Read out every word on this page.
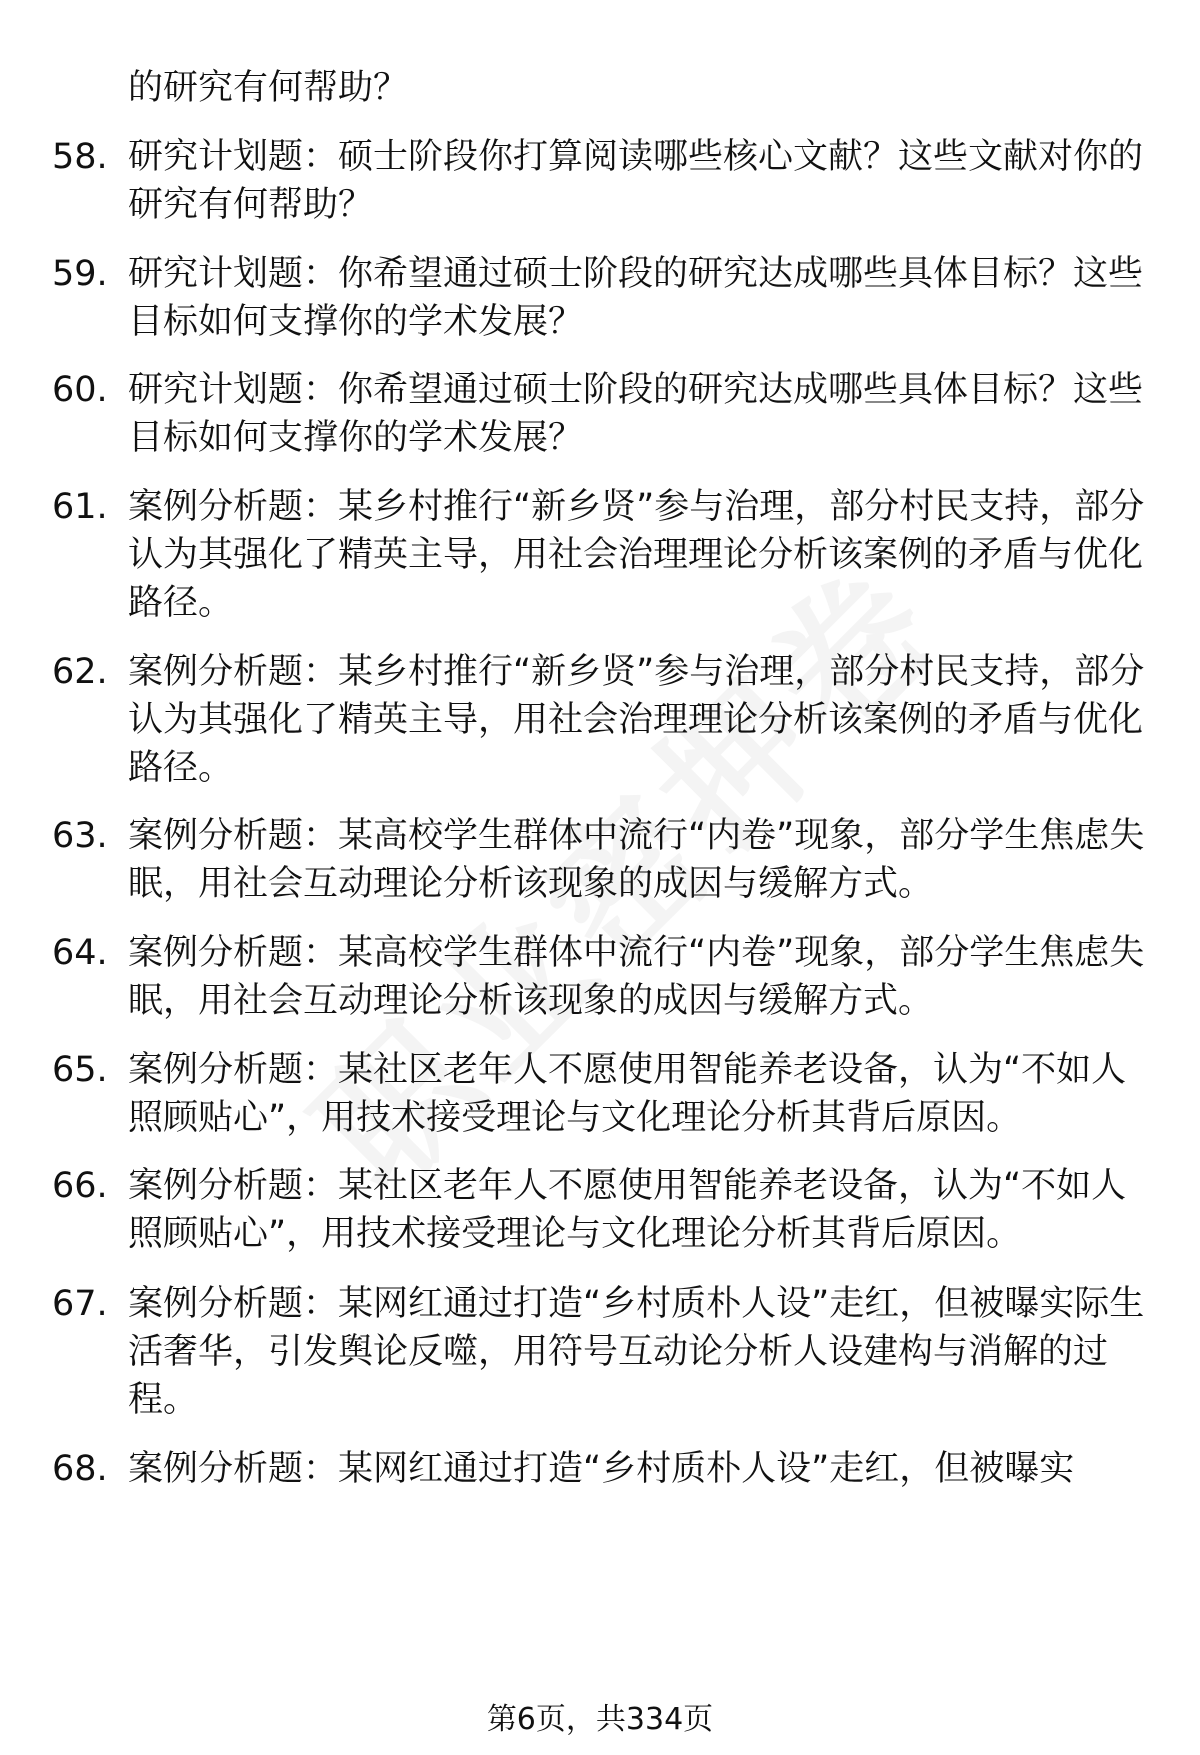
的研究有何帮助？
58. 研究计划题：硕士阶段你打算阅读哪些核心文献？这些文献对你的研究有何帮助？
59. 研究计划题：你希望通过硕士阶段的研究达成哪些具体目标？这些目标如何支撑你的学术发展？
60. 研究计划题：你希望通过硕士阶段的研究达成哪些具体目标？这些目标如何支撑你的学术发展？
61. 案例分析题：某乡村推行“新乡贤”参与治理，部分村民支持，部分认为其强化了精英主导，用社会治理理论分析该案例的矛盾与优化路径。
62. 案例分析题：某乡村推行“新乡贤”参与治理，部分村民支持，部分认为其强化了精英主导，用社会治理理论分析该案例的矛盾与优化路径。
63. 案例分析题：某高校学生群体中流行“内卷”现象，部分学生焦虑失眠，用社会互动理论分析该现象的成因与缓解方式。
64. 案例分析题：某高校学生群体中流行“内卷”现象，部分学生焦虑失眠，用社会互动理论分析该现象的成因与缓解方式。
65. 案例分析题：某社区老年人不愿使用智能养老设备，认为“不如人照顾贴心”，用技术接受理论与文化理论分析其背后原因。
66. 案例分析题：某社区老年人不愿使用智能养老设备，认为“不如人照顾贴心”，用技术接受理论与文化理论分析其背后原因。
67. 案例分析题：某网红通过打造“乡村质朴人设”走红，但被曝实际生活奢华，引发舆论反噬，用符号互动论分析人设建构与消解的过程。
68. 案例分析题：某网红通过打造“乡村质朴人设”走红，但被曝实
第6页，共334页
